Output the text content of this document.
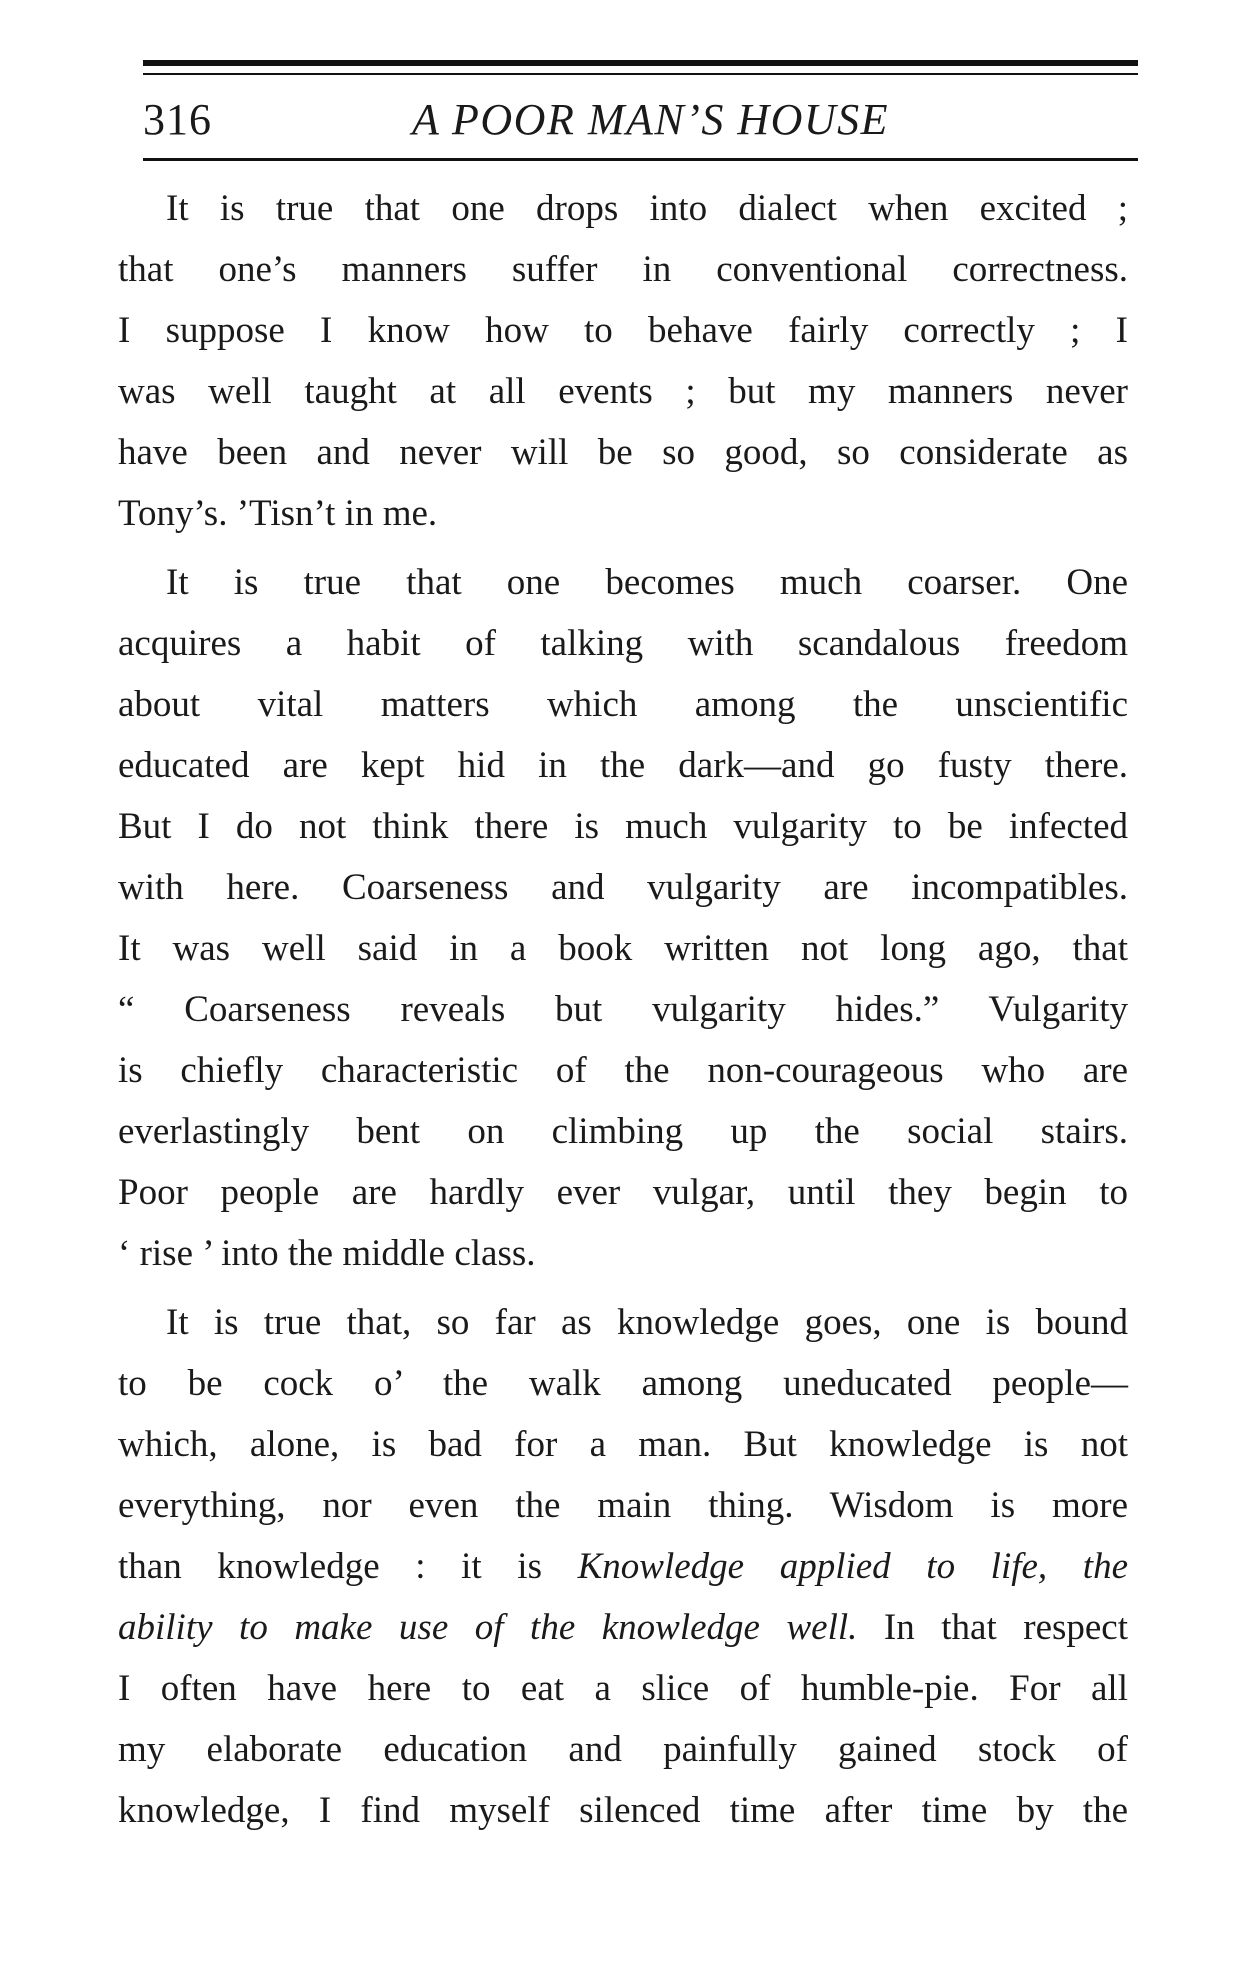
316	A POOR MAN’S HOUSE
It is true that one drops into dialect when excited ;
that one’s manners suffer in conventional correctness.
I suppose I know how to behave fairly correctly ; I
was well taught at all events ; but my manners never
have been and never will be so good, so considerate as
Tony’s. ’Tisn’t in me.
It is true that one becomes much coarser. One
acquires a habit of talking with scandalous freedom
about vital matters which among the unscientific
educated are kept hid in the dark—and go fusty there.
But I do not think there is much vulgarity to be infected
with here. Coarseness and vulgarity are incompatibles.
It was well said in a book written not long ago, that
“ Coarseness reveals but vulgarity hides.” Vulgarity
is chiefly characteristic of the non-courageous who are
everlastingly bent on climbing up the social stairs.
Poor people are hardly ever vulgar, until they begin to
‘ rise ’ into the middle class.
It is true that, so far as knowledge goes, one is bound
to be cock o’ the walk among uneducated people—
which, alone, is bad for a man. But knowledge is not
everything, nor even the main thing. Wisdom is more
than knowledge : it is Knowledge applied to life, the
ability to make use of the knowledge well. In that respect
I often have here to eat a slice of humble-pie. For all
my elaborate education and painfully gained stock of
knowledge, I find myself silenced time after time by the
